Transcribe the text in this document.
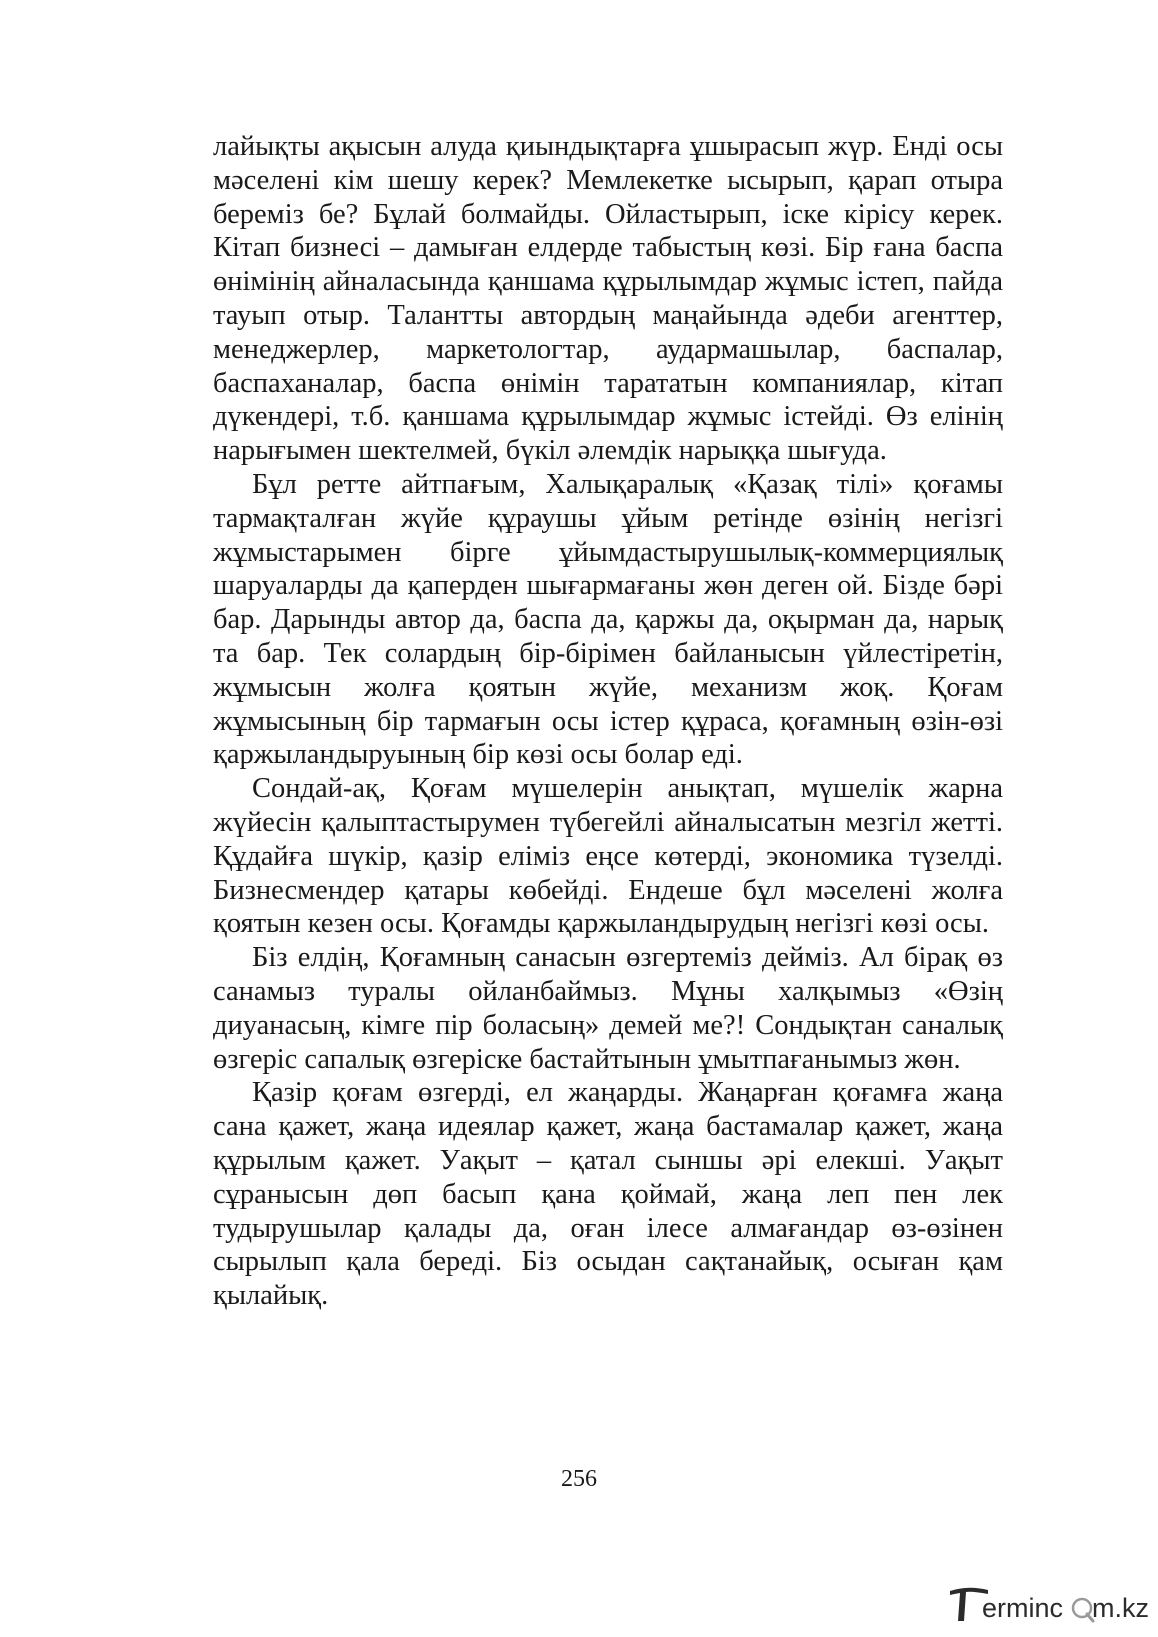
лайықты ақысын алуда қиындықтарға ұшырасып жүр. Енді осы мәселені кім шешу керек? Мемлекетке ысырып, қарап отыра береміз бе? Бұлай болмайды. Ойластырып, іске кірісу керек. Кітап бизнесі – дамыған елдерде табыстың көзі. Бір ғана баспа өнімінің айналасында қаншама құрылымдар жұмыс істеп, пайда тауып отыр. Талантты автордың маңайында әдеби агенттер, менеджерлер, маркетологтар, аудармашылар, баспалар, баспаханалар, баспа өнімін тарататын компаниялар, кітап дүкендері, т.б. қаншама құрылымдар жұмыс істейді. Өз елінің нарығымен шектелмей, бүкіл әлемдік нарыққа шығуда.

Бұл ретте айтпағым, Халықаралық «Қазақ тілі» қоғамы тармақталған жүйе құраушы ұйым ретінде өзінің негізгі жұмыстарымен бірге ұйымдастырушылық-коммерциялық шаруаларды да қаперден шығармағаны жөн деген ой. Бізде бәрі бар. Дарынды автор да, баспа да, қаржы да, оқырман да, нарық та бар. Тек солардың бір-бірімен байланысын үйлестіретін, жұмысын жолға қоятын жүйе, механизм жоқ. Қоғам жұмысының бір тармағын осы істер құраса, қоғамның өзін-өзі қаржыландыруының бір көзі осы болар еді.

Сондай-ақ, Қоғам мүшелерін анықтап, мүшелік жарна жүйесін қалыптастырумен түбегейлі айналысатын мезгіл жетті. Құдайға шүкір, қазір еліміз еңсе көтерді, экономика түзелді. Бизнесмендер қатары көбейді. Ендеше бұл мәселені жолға қоятын кезен осы. Қоғамды қаржыландырудың негізгі көзі осы.

Біз елдің, Қоғамның санасын өзгертеміз дейміз. Ал бірақ өз санамыз туралы ойланбаймыз. Мұны халқымыз «Өзің диуанасың, кімге пір боласың» демей ме?! Сондықтан саналық өзгеріс сапалық өзгеріске бастайтынын ұмытпағанымыз жөн.

Қазір қоғам өзгерді, ел жаңарды. Жаңарған қоғамға жаңа сана қажет, жаңа идеялар қажет, жаңа бастамалар қажет, жаңа құрылым қажет. Уақыт – қатал сыншы әрі елекші. Уақыт сұранысын дөп басып қана қоймай, жаңа леп пен лек тудырушылар қалады да, оған ілесе алмағандар өз-өзінен сырылып қала береді. Біз осыдан сақтанайық, осыған қам қылайық.

256
erminc m.kz
